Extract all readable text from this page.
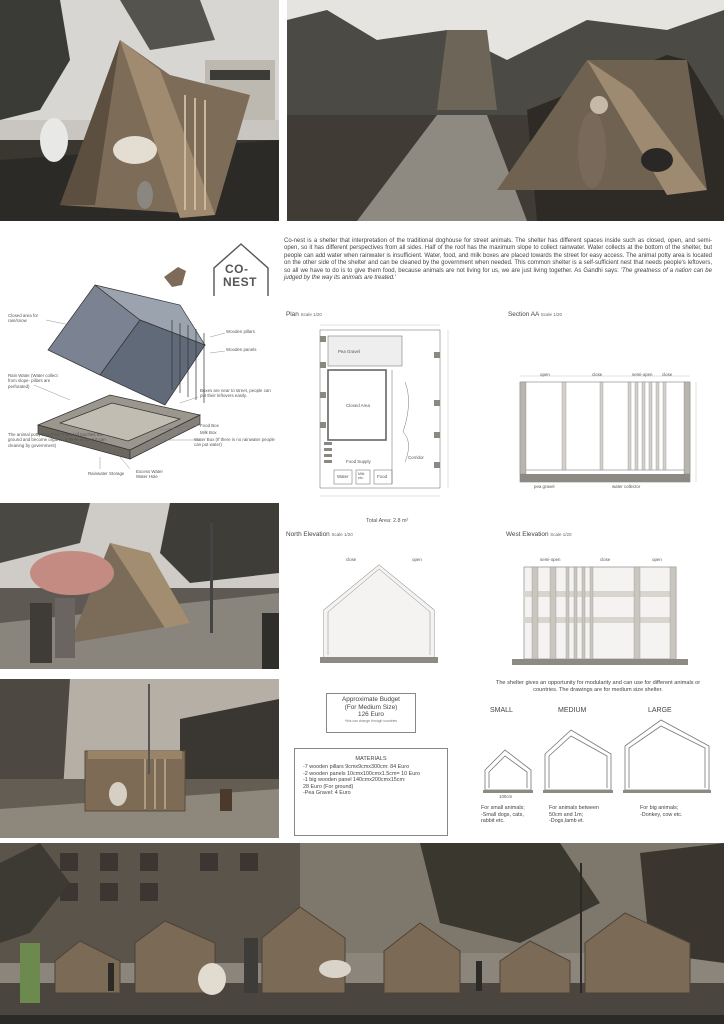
Closed area for rain/snow
Wooden pillars
Wooden panels
Rain Water (Water collect from slope- pillars are perforated)
Boxes are near to street, people can put their leftovers easily.
Food Box
Milk Box
Water Box (If there is no rainwater people can put water)
The animal potty area(Pea Gravel (If touches the ground and become organic, if there is need it can cleaning by government)
Rainwater Storage	Excess Water Water Hole
CO-
NEST
Co-nest is a shelter that interpretation of the traditional doghouse for street animals. The shelter has different spaces inside such as closed, open, and semi-open, so it has different perspectives from all sides. Half of the roof has the maximum slope to collect rainwater. Water collects at the bottom of the shelter, but people can add water when rainwater is insufficient. Water, food, and milk boxes are placed towards the street for easy access. The animal potty area is located on the other side of the shelter and can be cleaned by the government when needed. This common shelter is a self-sufficient nest that needs people's leftovers, so all we have to do is to give them food, because animals are not living for us, we are just living together. As Gandhi says: 'The greatness of a nation can be judged by the way its animals are treated.'
Plan Scale 1/20
Pea Gravel
Closed Area
Corridor
Food Supply
Water	Milk etc.	Food
Total Area: 2.8 m²
Section AA Scale 1/20
open	close	semi-open close
pea gravel	water collector
North Elevation Scale 1/20
close	open
West Elevation Scale 1/20
semi-open	close	open
The shelter gives an opportunity for modularity and can use for different animals or countries. The drawings are for medium size shelter.
SMALL	MEDIUM	LARGE
100cm
For small animals;
-Small dogs, cats,
rabbit etc.
For animals between
50cm and 1m;
-Dogs,lamb et.
For big animals;
-Donkey, cow etc.
Approximate Budget
(For Medium Size)
126 Euro
*this can change through countries
MATERIALS
-7 wooden pillars 9cmx9cmx300cm: 84 Euro
-2 wooden panels 10cmx100cmx1.5cm= 10 Euro
-1 big wooden panel 140cmx200cmx15cm:
28 Euro (For ground)
-Pea Gravel: 4 Euro
